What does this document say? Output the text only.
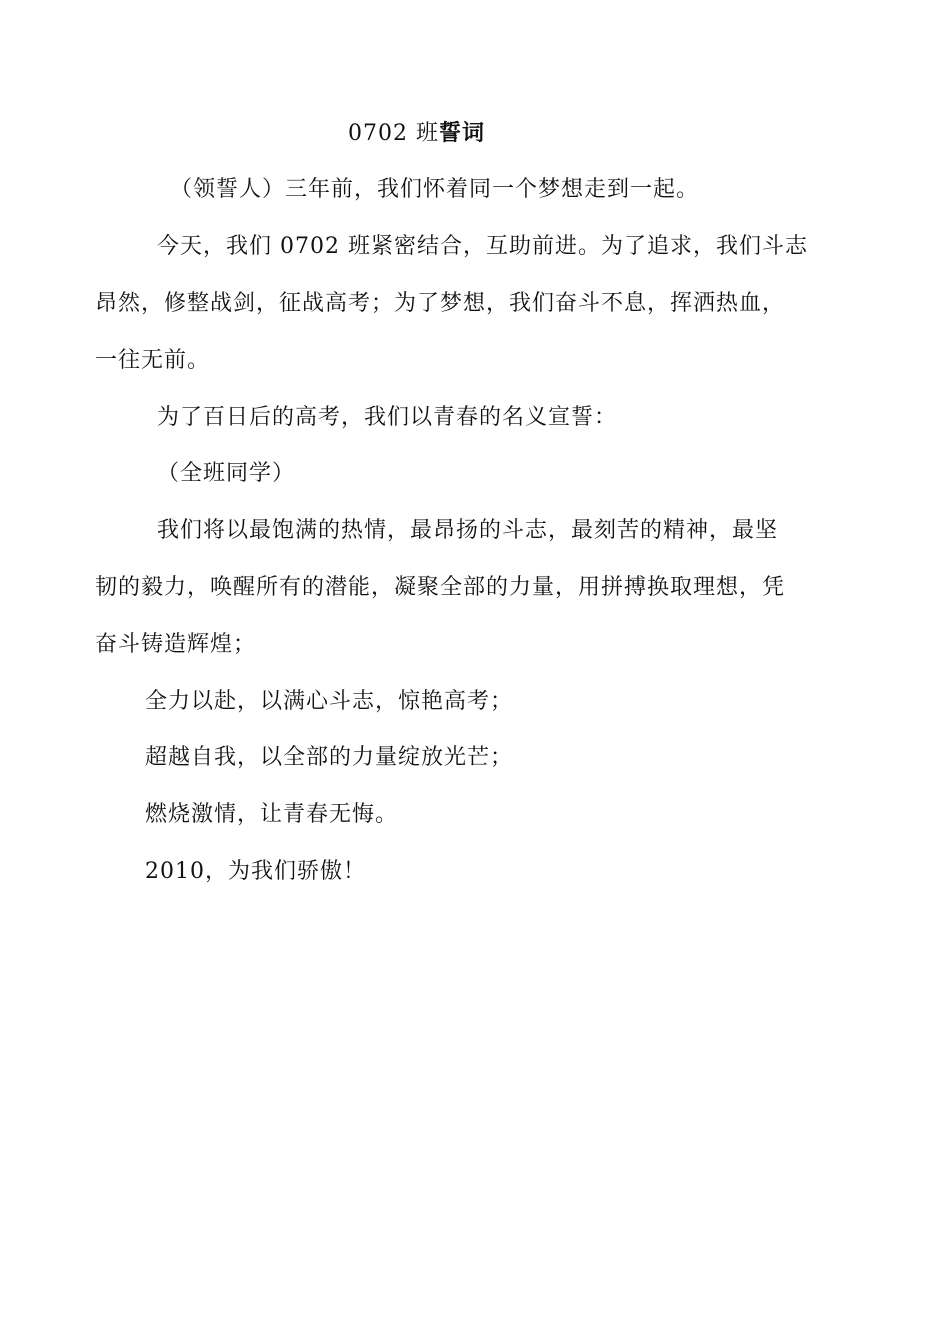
0702 班誓词
（领誓人）三年前，我们怀着同一个梦想走到一起。
今天，我们 0702 班紧密结合，互助前进。为了追求，我们斗志
昂然，修整战剑，征战高考；为了梦想，我们奋斗不息，挥洒热血，
一往无前。
为了百日后的高考，我们以青春的名义宣誓：
（全班同学）
我们将以最饱满的热情，最昂扬的斗志，最刻苦的精神，最坚
韧的毅力，唤醒所有的潜能，凝聚全部的力量，用拼搏换取理想，凭
奋斗铸造辉煌；
全力以赴，以满心斗志，惊艳高考；
超越自我，以全部的力量绽放光芒；
燃烧激情，让青春无悔。
2010，为我们骄傲！
